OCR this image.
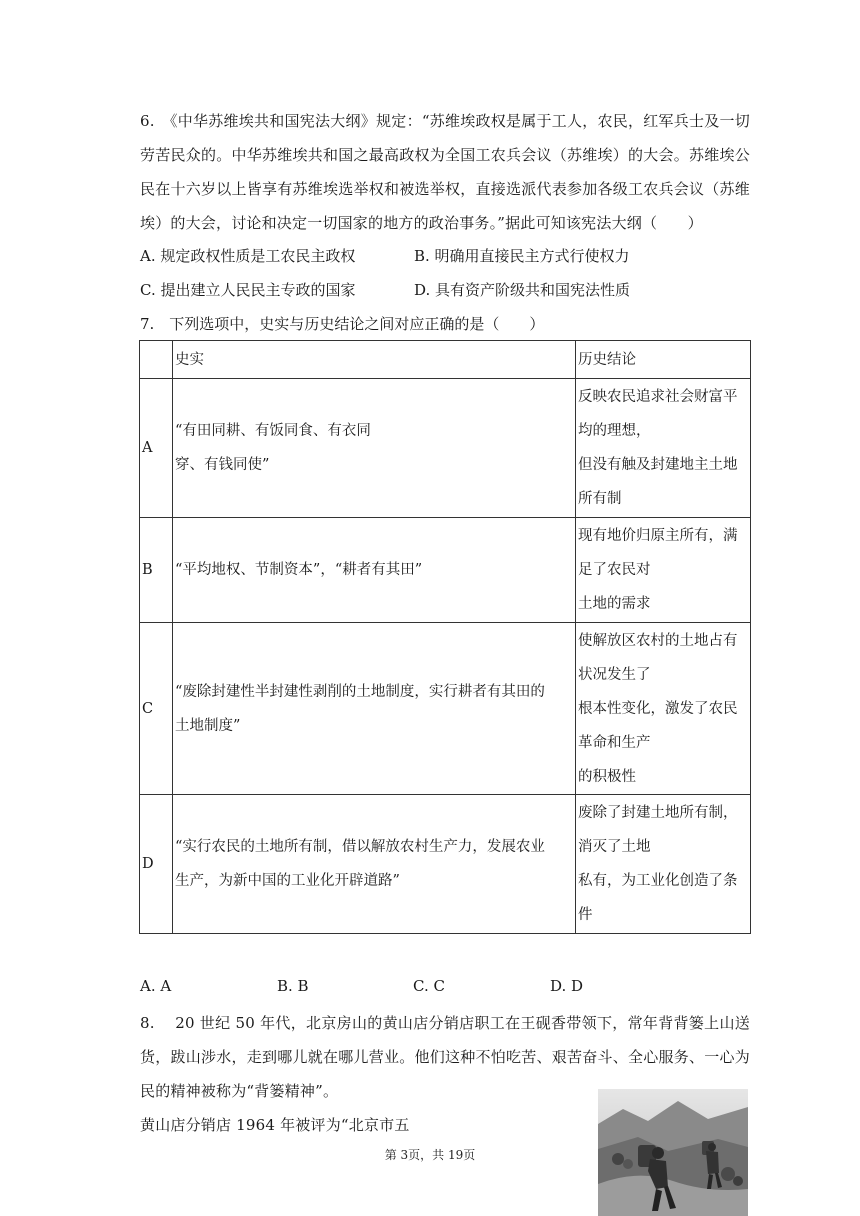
6.　《中华苏维埃共和国宪法大纲》规定：“苏维埃政权是属于工人，农民，红军兵士及一切劳苦民众的。中华苏维埃共和国之最高政权为全国工农兵会议（苏维埃）的大会。苏维埃公民在十六岁以上皆享有苏维埃选举权和被选举权，直接选派代表参加各级工农兵会议（苏维埃）的大会，讨论和决定一切国家的地方的政治事务。”据此可知该宪法大纲（　　）
A. 规定政权性质是工农民主政权	B. 明确用直接民主方式行使权力
C. 提出建立人民民主专政的国家	D. 具有资产阶级共和国宪法性质
7.　下列选项中，史实与历史结论之间对应正确的是（　　）
	史实	历史结论
A	“有田同耕、有饭同食、有衣同
穿、有钱同使”	反映农民追求社会财富平
均的理想，
但没有触及封建地主土地
所有制

B	“平均地权、节制资本”，“耕者有其田”	现有地价归原主所有，满
足了农民对
土地的需求

C	“废除封建性半封建性剥削的土地制度，实行耕者有其田的
土地制度”	使解放区农村的土地占有
状况发生了
根本性变化，激发了农民
革命和生产
的积极性

D	“实行农民的土地所有制，借以解放农村生产力，发展农业
生产，为新中国的工业化开辟道路”	废除了封建土地所有制，
消灭了土地
私有，为工业化创造了条
件
A. A	B. B	C. C	D. D
8.　 20 世纪 50 年代，北京房山的黄山店分销店职工在王砚香带领下，常年背背篓上山送货，跋山涉水，走到哪儿就在哪儿营业。他们这种不怕吃苦、艰苦奋斗、全心服务、一心为民的精神被称为“背篓精神”。
黄山店分销店 1964 年被评为“北京市五
第 3页，共 19页
